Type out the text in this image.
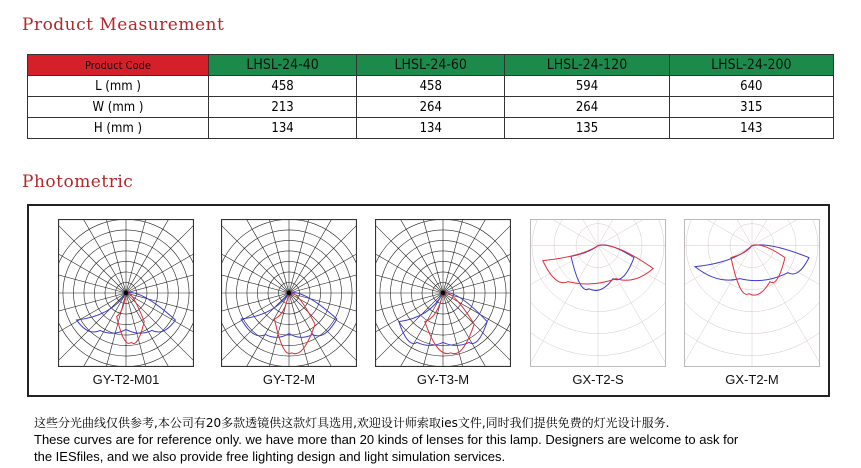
Product Measurement
Product Code	LHSL-24-40	LHSL-24-60	LHSL-24-120	LHSL-24-200
L (mm )	458	458	594	640
W (mm )	213	264	264	315
H (mm )	134	134	135	143
Photometric
GY-T2-M01	GY-T2-M	GY-T3-M	GX-T2-S	GX-T2-M
这些分光曲线仅供参考,本公司有20多款透镜供这款灯具选用,欢迎设计师索取ies文件,同时我们提供免费的灯光设计服务.
These curves are for reference only. we have more than 20 kinds of lenses for this lamp. Designers are welcome to ask for
the IESfiles, and we also provide free lighting design and light simulation services.
